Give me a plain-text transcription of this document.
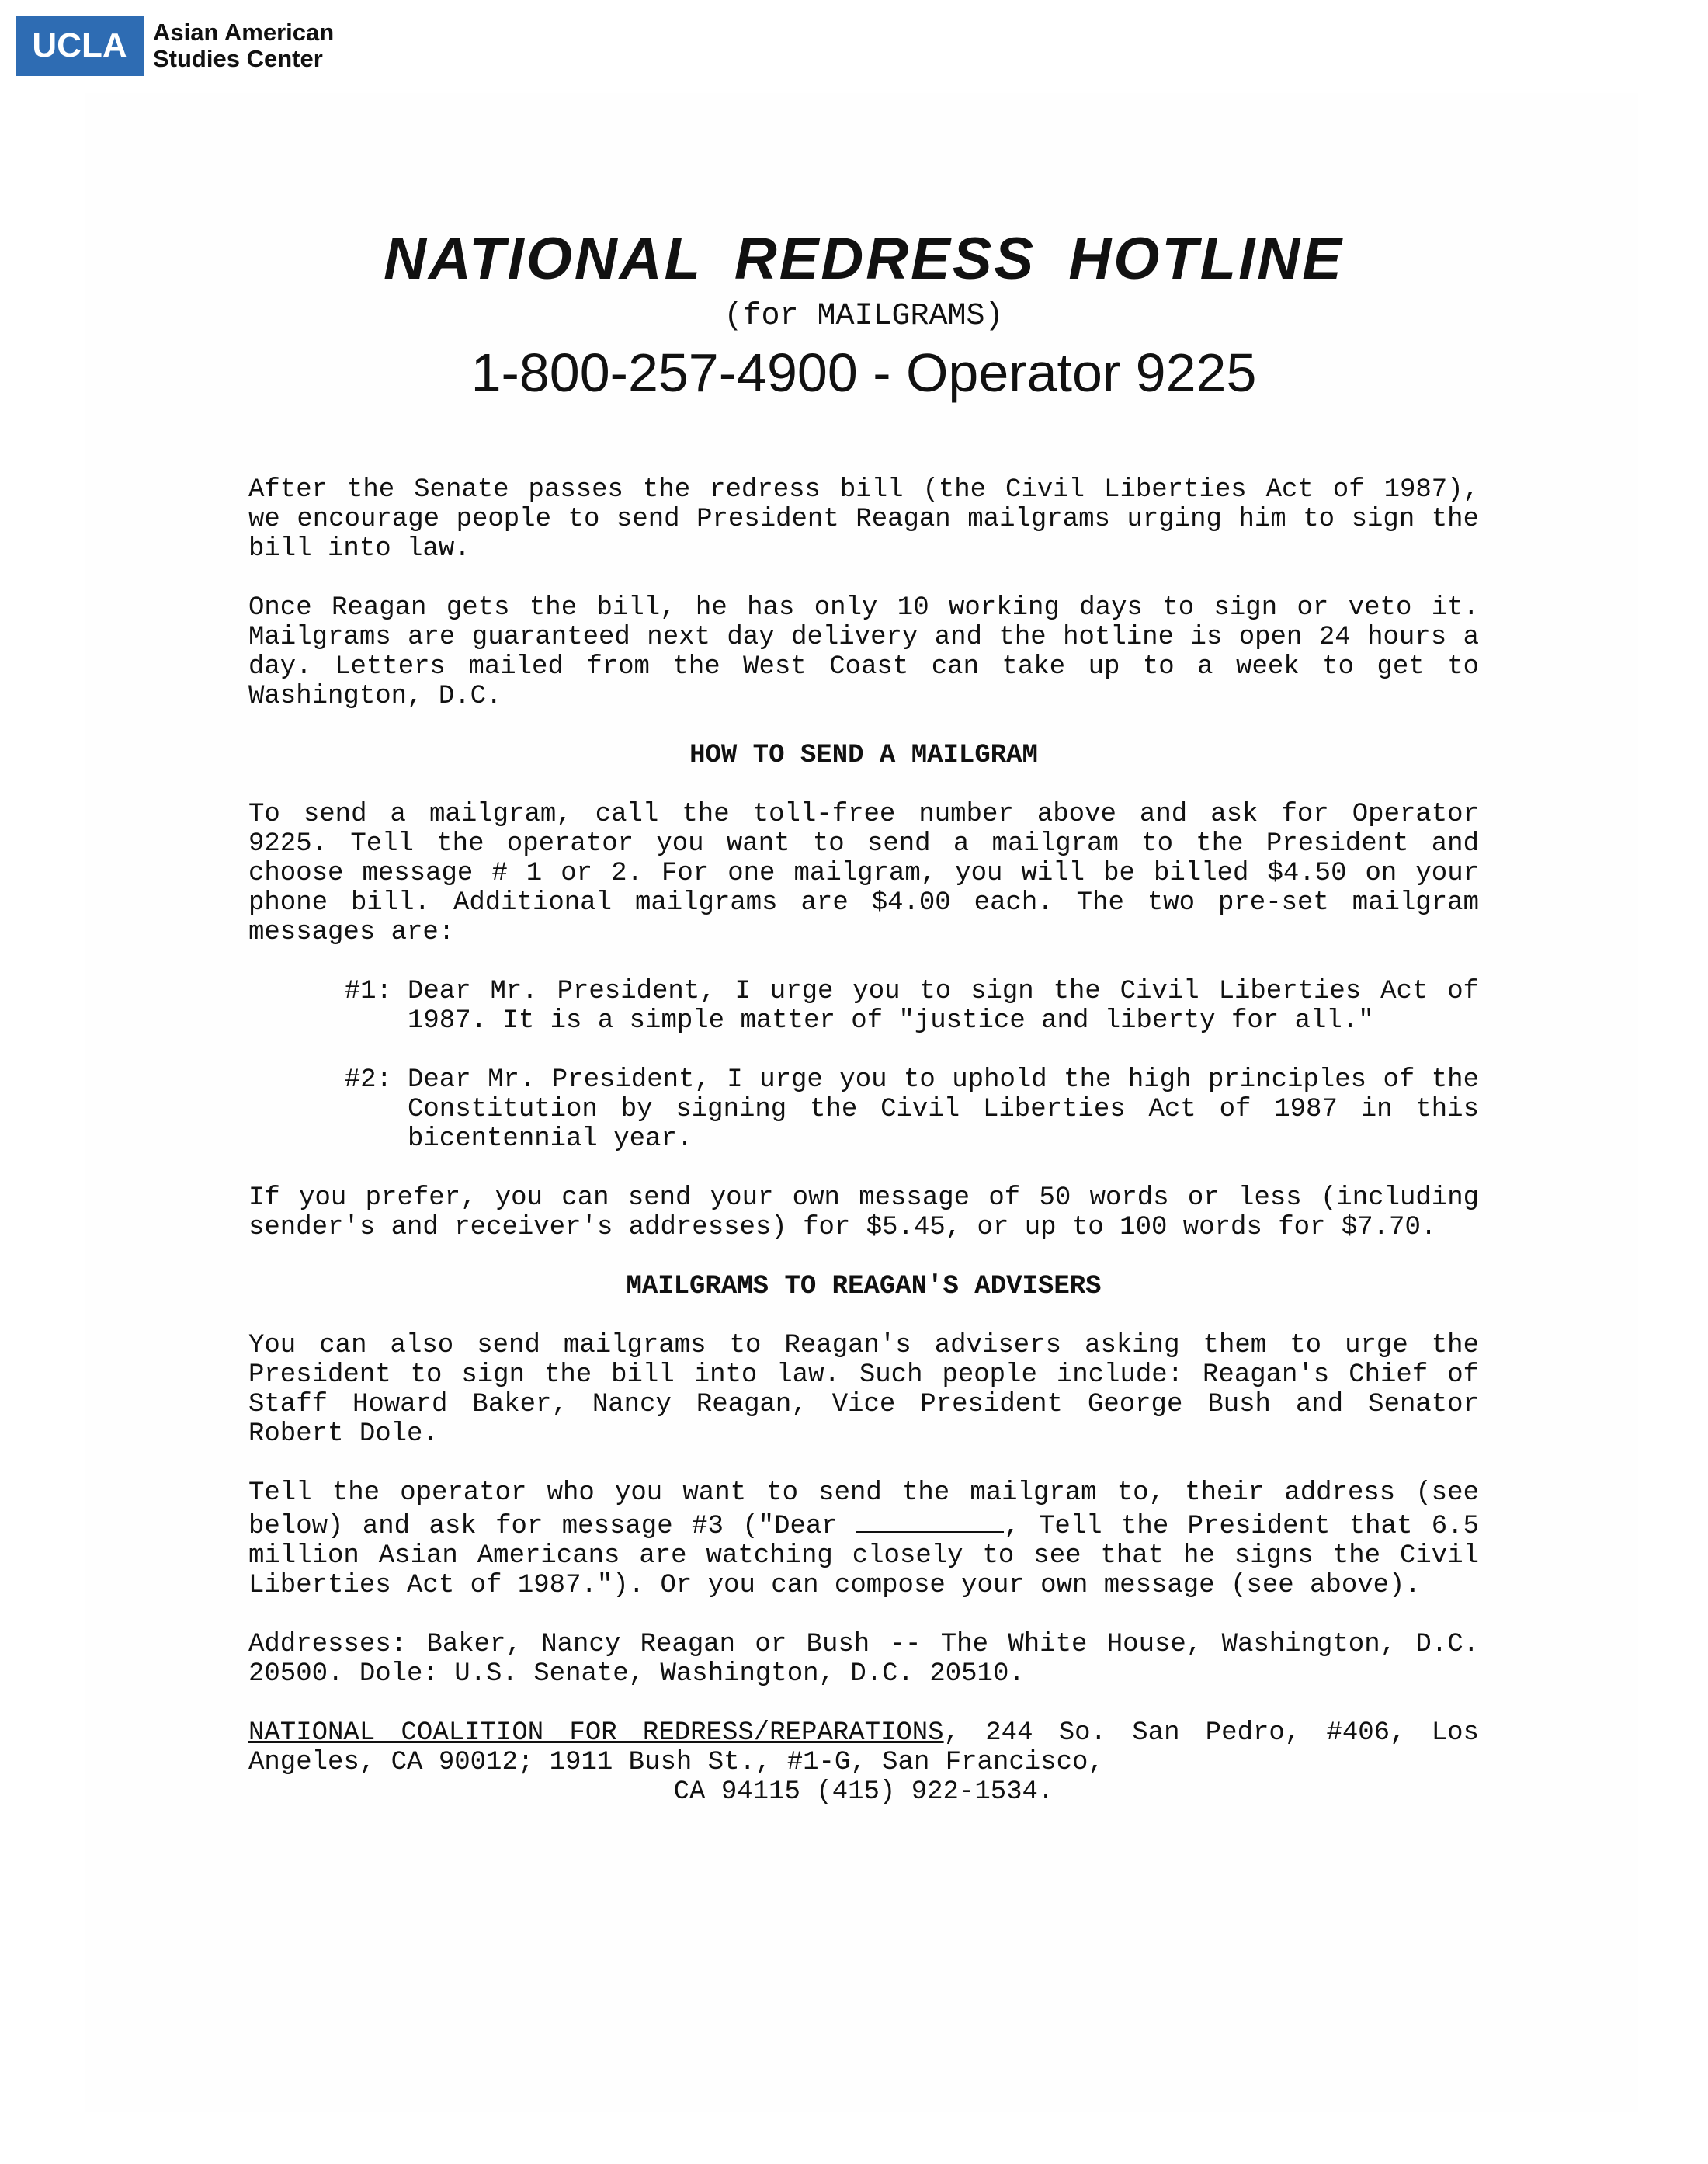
UCLA	Asian American
Studies Center
NATIONAL REDRESS HOTLINE
(for MAILGRAMS)
1-800-257-4900 - Operator 9225

After the Senate passes the redress bill (the Civil Liberties Act of 1987), we encourage people to send President Reagan mailgrams urging him to sign the bill into law.

Once Reagan gets the bill, he has only 10 working days to sign or veto it. Mailgrams are guaranteed next day delivery and the hotline is open 24 hours a day. Letters mailed from the West Coast can take up to a week to get to Washington, D.C.

HOW TO SEND A MAILGRAM

To send a mailgram, call the toll-free number above and ask for Operator 9225. Tell the operator you want to send a mailgram to the President and choose message # 1 or 2. For one mailgram, you will be billed $4.50 on your phone bill. Additional mailgrams are $4.00 each. The two pre-set mailgram messages are:

#1: Dear Mr. President, I urge you to sign the Civil Liberties Act of 1987. It is a simple matter of "justice and liberty for all."
#2: Dear Mr. President, I urge you to uphold the high principles of the Constitution by signing the Civil Liberties Act of 1987 in this bicentennial year.

If you prefer, you can send your own message of 50 words or less (including sender's and receiver's addresses) for $5.45, or up to 100 words for $7.70.

MAILGRAMS TO REAGAN'S ADVISERS

You can also send mailgrams to Reagan's advisers asking them to urge the President to sign the bill into law. Such people include: Reagan's Chief of Staff Howard Baker, Nancy Reagan, Vice President George Bush and Senator Robert Dole.

Tell the operator who you want to send the mailgram to, their address (see below) and ask for message #3 ("Dear	, Tell the President that 6.5 million Asian Americans are watching closely to see that he signs the Civil Liberties Act of 1987."). Or you can compose your own message (see above).

Addresses: Baker, Nancy Reagan or Bush -- The White House, Washington, D.C. 20500. Dole: U.S. Senate, Washington, D.C. 20510.

NATIONAL COALITION FOR REDRESS/REPARATIONS, 244 So. San Pedro, #406, Los Angeles, CA 90012; 1911 Bush St., #1-G, San Francisco,
CA 94115 (415) 922-1534.
